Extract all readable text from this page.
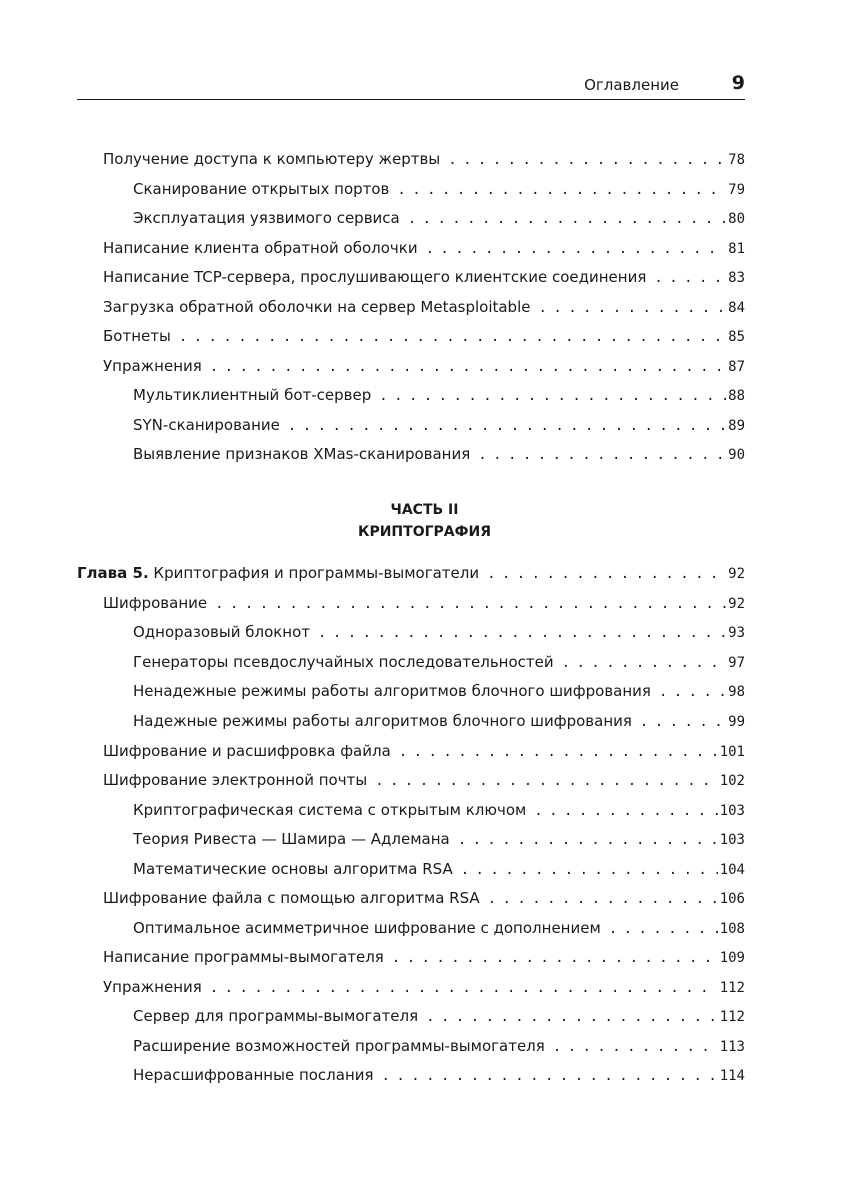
Оглавление	9
Получение доступа к компьютеру жертвы . . .	78
Сканирование открытых портов . . .	79
Эксплуатация уязвимого сервиса . . .	80
Написание клиента обратной оболочки . . .	81
Написание TCP-сервера, прослушивающего клиентские соединения . . .	83
Загрузка обратной оболочки на сервер Metasploitable . . .	84
Ботнеты . . .	85
Упражнения . . .	87
Мультиклиентный бот-сервер . . .	88
SYN-сканирование . . .	89
Выявление признаков XMas-сканирования . . .	90
ЧАСТЬ II
КРИПТОГРАФИЯ
Глава 5. Криптография и программы-вымогатели . . .	92
Шифрование . . .	92
Одноразовый блокнот . . .	93
Генераторы псевдослучайных последовательностей . . .	97
Ненадежные режимы работы алгоритмов блочного шифрования . . .	98
Надежные режимы работы алгоритмов блочного шифрования . . .	99
Шифрование и расшифровка файла . . .	101
Шифрование электронной почты . . .	102
Криптографическая система с открытым ключом . . .	103
Теория Ривеста — Шамира — Адлемана . . .	103
Математические основы алгоритма RSA . . .	104
Шифрование файла с помощью алгоритма RSA . . .	106
Оптимальное асимметричное шифрование с дополнением . . .	108
Написание программы-вымогателя . . .	109
Упражнения . . .	112
Сервер для программы-вымогателя . . .	112
Расширение возможностей программы-вымогателя . . .	113
Нерасшифрованные послания . . .	114
